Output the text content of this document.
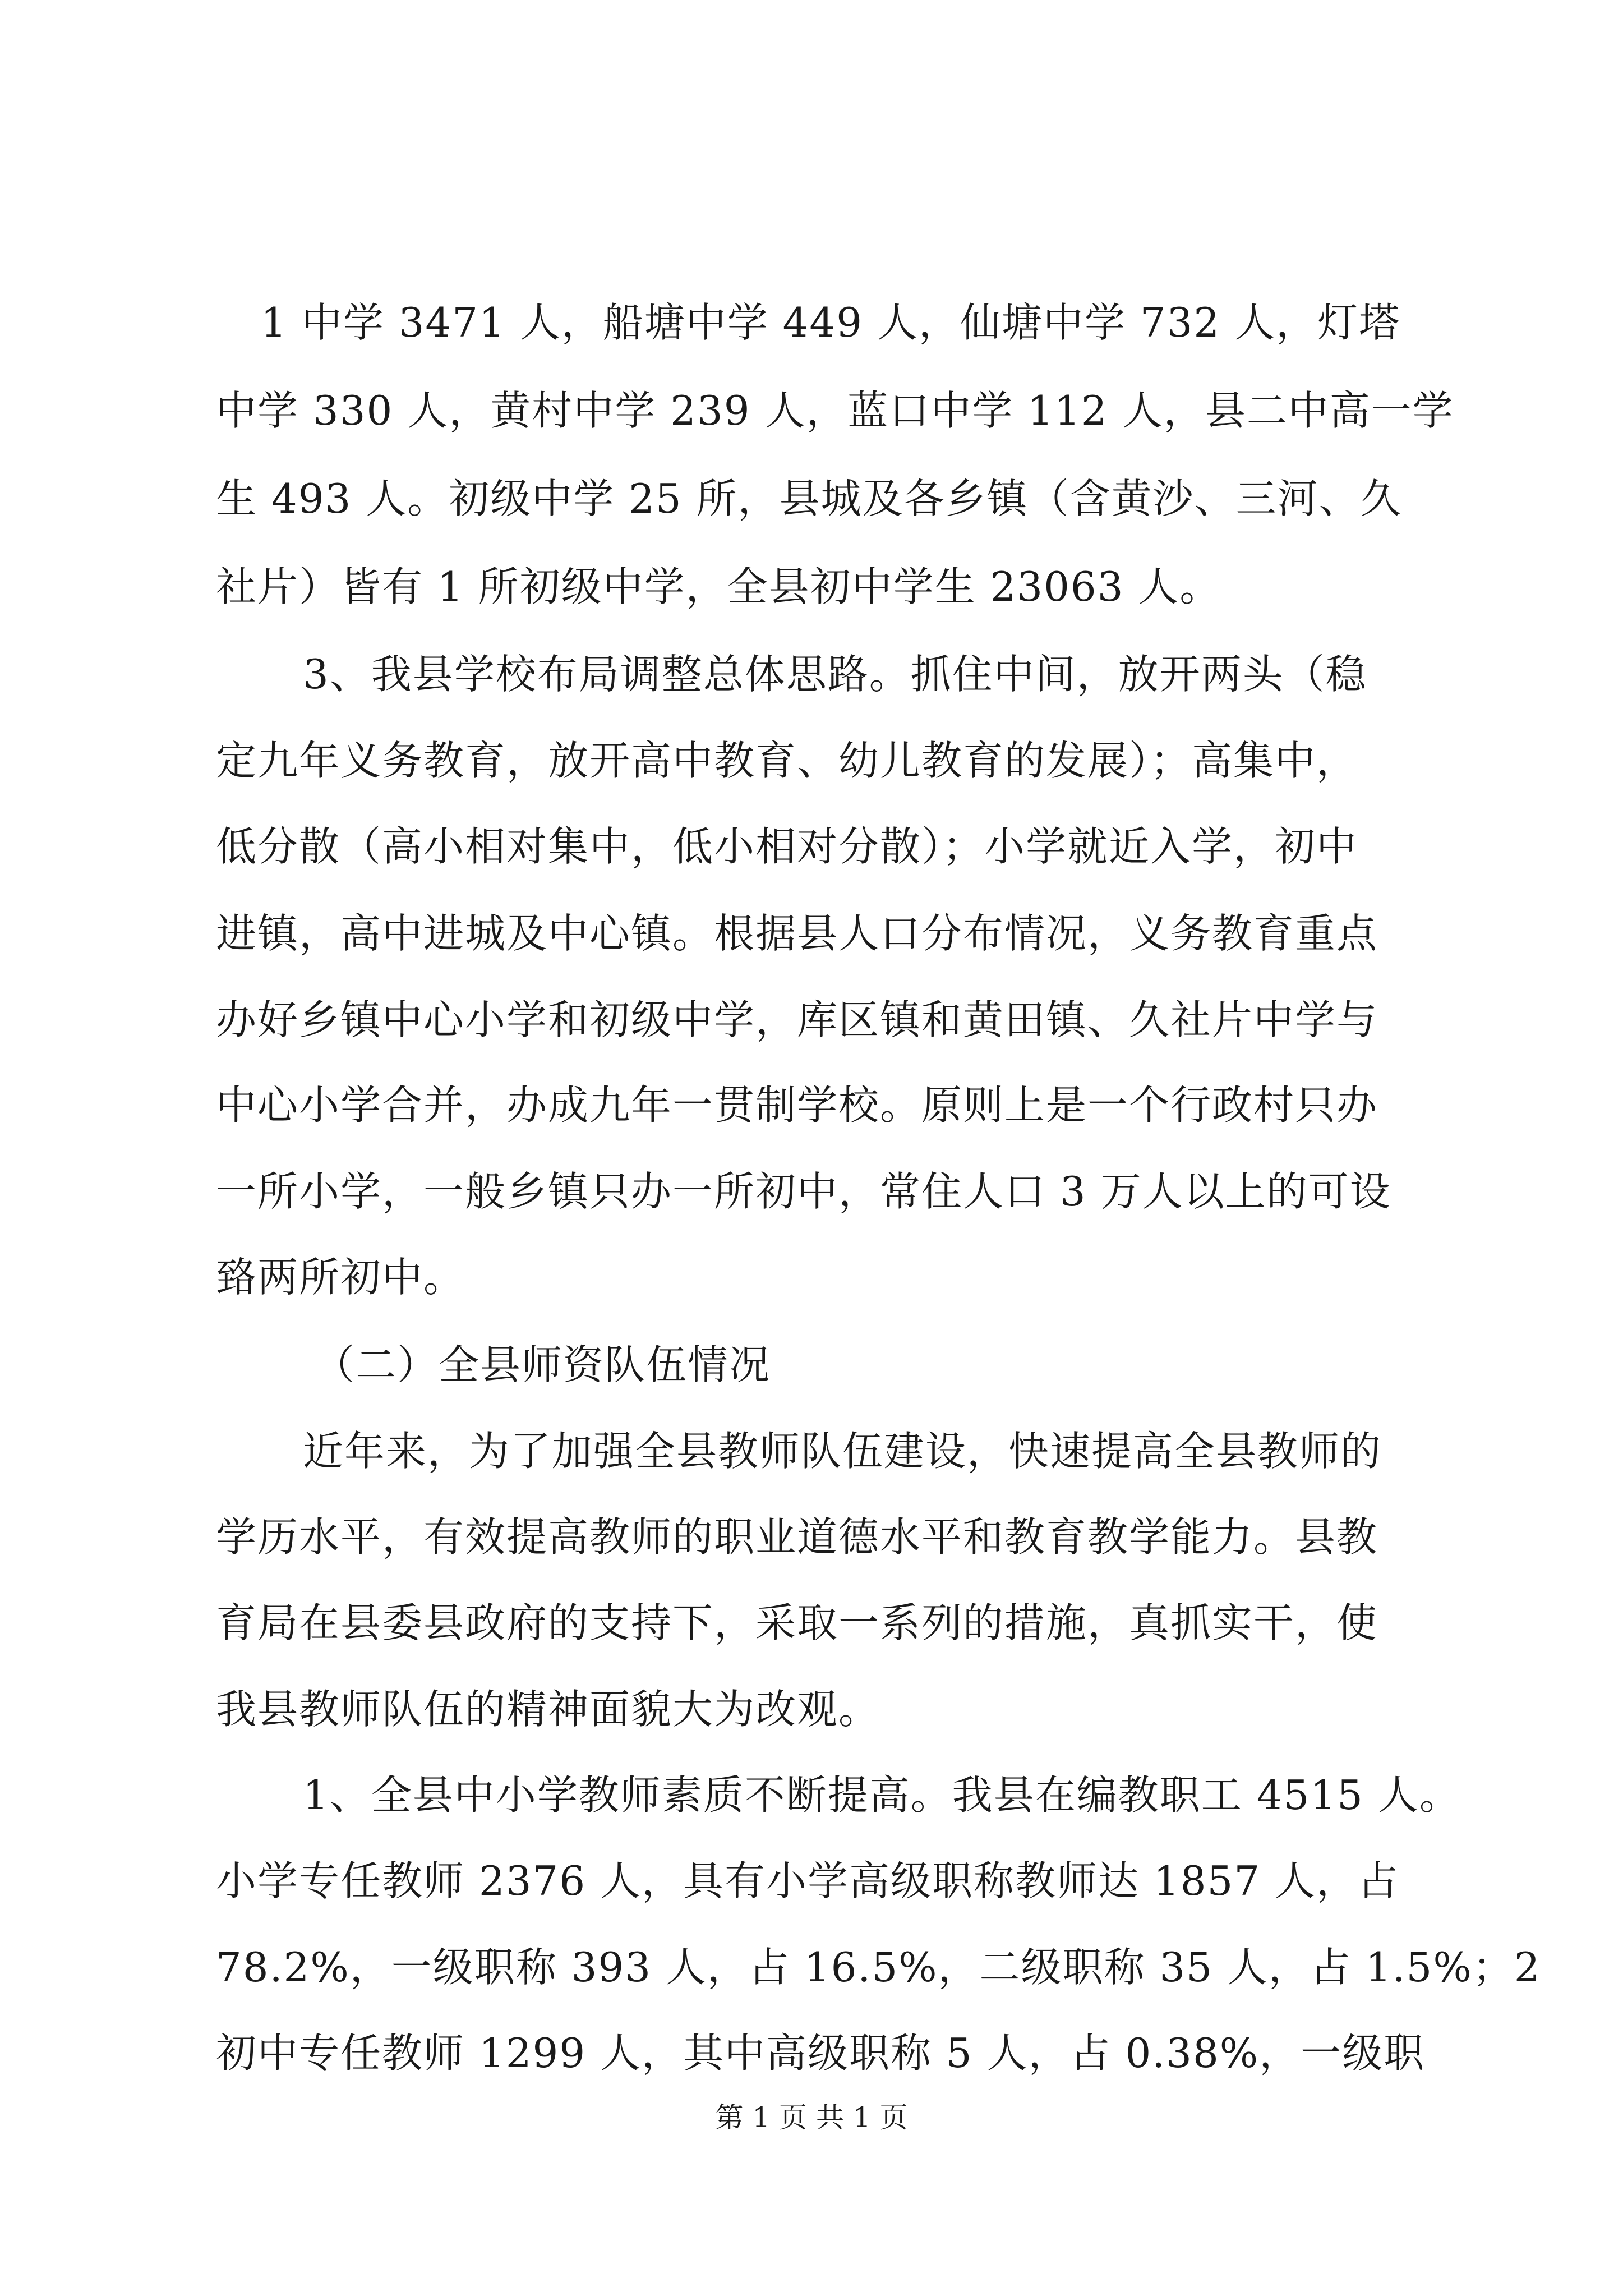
1 中学 3471 人，船塘中学 449 人，仙塘中学 732 人，灯塔
中学 330 人，黄村中学 239 人，蓝口中学 112 人，县二中高一学
生 493 人。初级中学 25 所，县城及各乡镇（含黄沙、三河、久
社片）皆有 1 所初级中学，全县初中学生 23063 人。
3、我县学校布局调整总体思路。抓住中间，放开两头（稳
定九年义务教育，放开高中教育、幼儿教育的发展）；高集中，
低分散（高小相对集中，低小相对分散）；小学就近入学，初中
进镇，高中进城及中心镇。根据县人口分布情况，义务教育重点
办好乡镇中心小学和初级中学，库区镇和黄田镇、久社片中学与
中心小学合并，办成九年一贯制学校。原则上是一个行政村只办
一所小学，一般乡镇只办一所初中，常住人口 3 万人以上的可设
臵两所初中。
（二）全县师资队伍情况
近年来，为了加强全县教师队伍建设，快速提高全县教师的
学历水平，有效提高教师的职业道德水平和教育教学能力。县教
育局在县委县政府的支持下，采取一系列的措施，真抓实干，使
我县教师队伍的精神面貌大为改观。
1、全县中小学教师素质不断提高。我县在编教职工 4515 人。
小学专任教师 2376 人，具有小学高级职称教师达 1857 人，占
78.2%，一级职称 393 人，占 16.5%，二级职称 35 人，占 1.5%；2
初中专任教师 1299 人，其中高级职称 5 人，占 0.38%，一级职
第 1 页 共 1 页
